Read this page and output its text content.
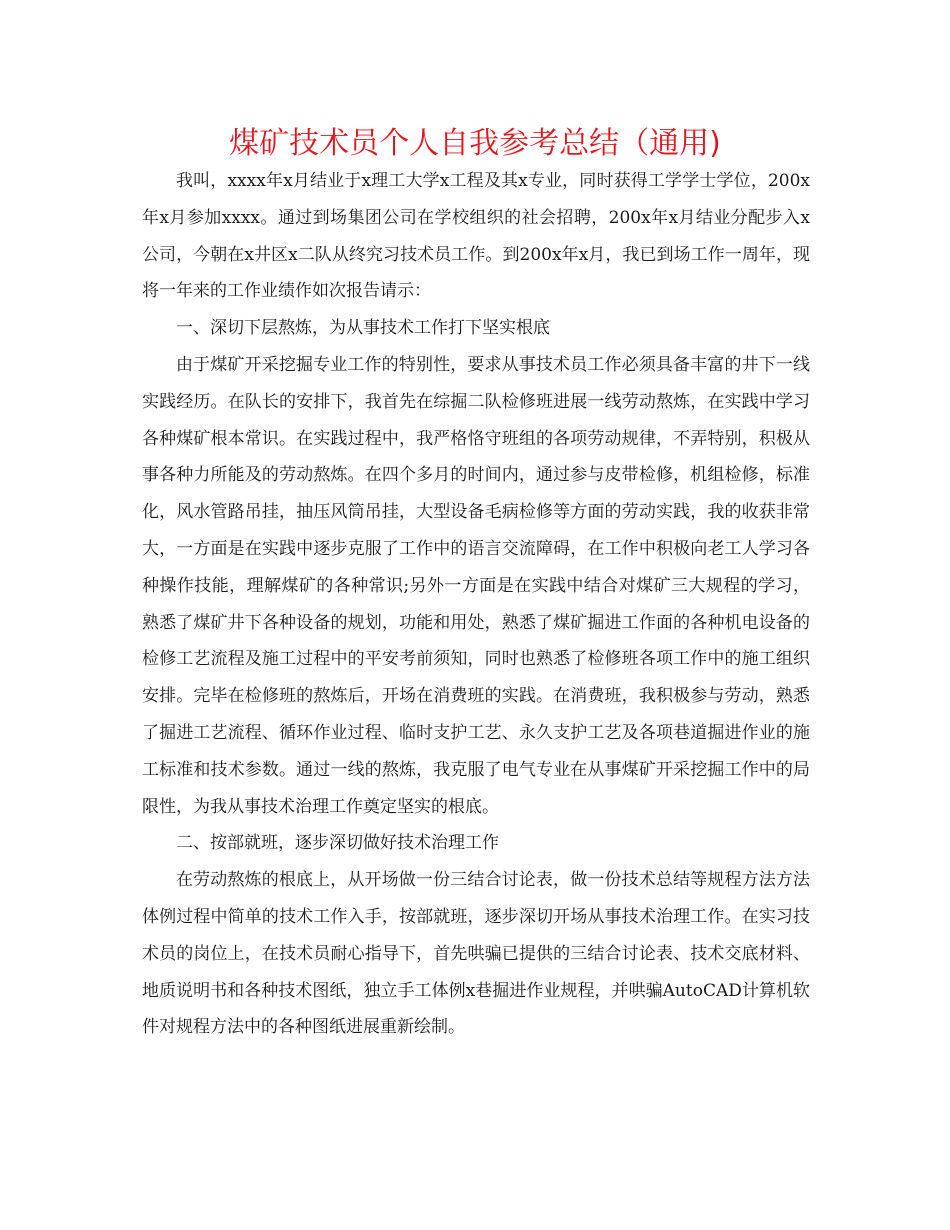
煤矿技术员个人自我参考总结（通用)

我叫，xxxx年x月结业于x理工大学x工程及其x专业，同时获得工学学士学位，200x年x月参加xxxx。通过到场集团公司在学校组织的社会招聘，200x年x月结业分配步入x公司，今朝在x井区x二队从终究习技术员工作。到200x年x月，我已到场工作一周年，现将一年来的工作业绩作如次报告请示：

一、深切下层熬炼，为从事技术工作打下坚实根底

由于煤矿开采挖掘专业工作的特别性，要求从事技术员工作必须具备丰富的井下一线实践经历。在队长的安排下，我首先在综掘二队检修班进展一线劳动熬炼，在实践中学习各种煤矿根本常识。在实践过程中，我严格恪守班组的各项劳动规律，不弄特别，积极从事各种力所能及的劳动熬炼。在四个多月的时间内，通过参与皮带检修，机组检修，标准化，风水管路吊挂，抽压风筒吊挂，大型设备毛病检修等方面的劳动实践，我的收获非常大，一方面是在实践中逐步克服了工作中的语言交流障碍，在工作中积极向老工人学习各种操作技能，理解煤矿的各种常识;另外一方面是在实践中结合对煤矿三大规程的学习，熟悉了煤矿井下各种设备的规划，功能和用处，熟悉了煤矿掘进工作面的各种机电设备的检修工艺流程及施工过程中的平安考前须知，同时也熟悉了检修班各项工作中的施工组织安排。完毕在检修班的熬炼后，开场在消费班的实践。在消费班，我积极参与劳动，熟悉了掘进工艺流程、循环作业过程、临时支护工艺、永久支护工艺及各项巷道掘进作业的施工标准和技术参数。通过一线的熬炼，我克服了电气专业在从事煤矿开采挖掘工作中的局限性，为我从事技术治理工作奠定坚实的根底。

二、按部就班，逐步深切做好技术治理工作

在劳动熬炼的根底上，从开场做一份三结合讨论表，做一份技术总结等规程方法方法体例过程中简单的技术工作入手，按部就班，逐步深切开场从事技术治理工作。在实习技术员的岗位上，在技术员耐心指导下，首先哄骗已提供的三结合讨论表、技术交底材料、地质说明书和各种技术图纸，独立手工体例x巷掘进作业规程，并哄骗AutoCAD计算机软件对规程方法中的各种图纸进展重新绘制。
